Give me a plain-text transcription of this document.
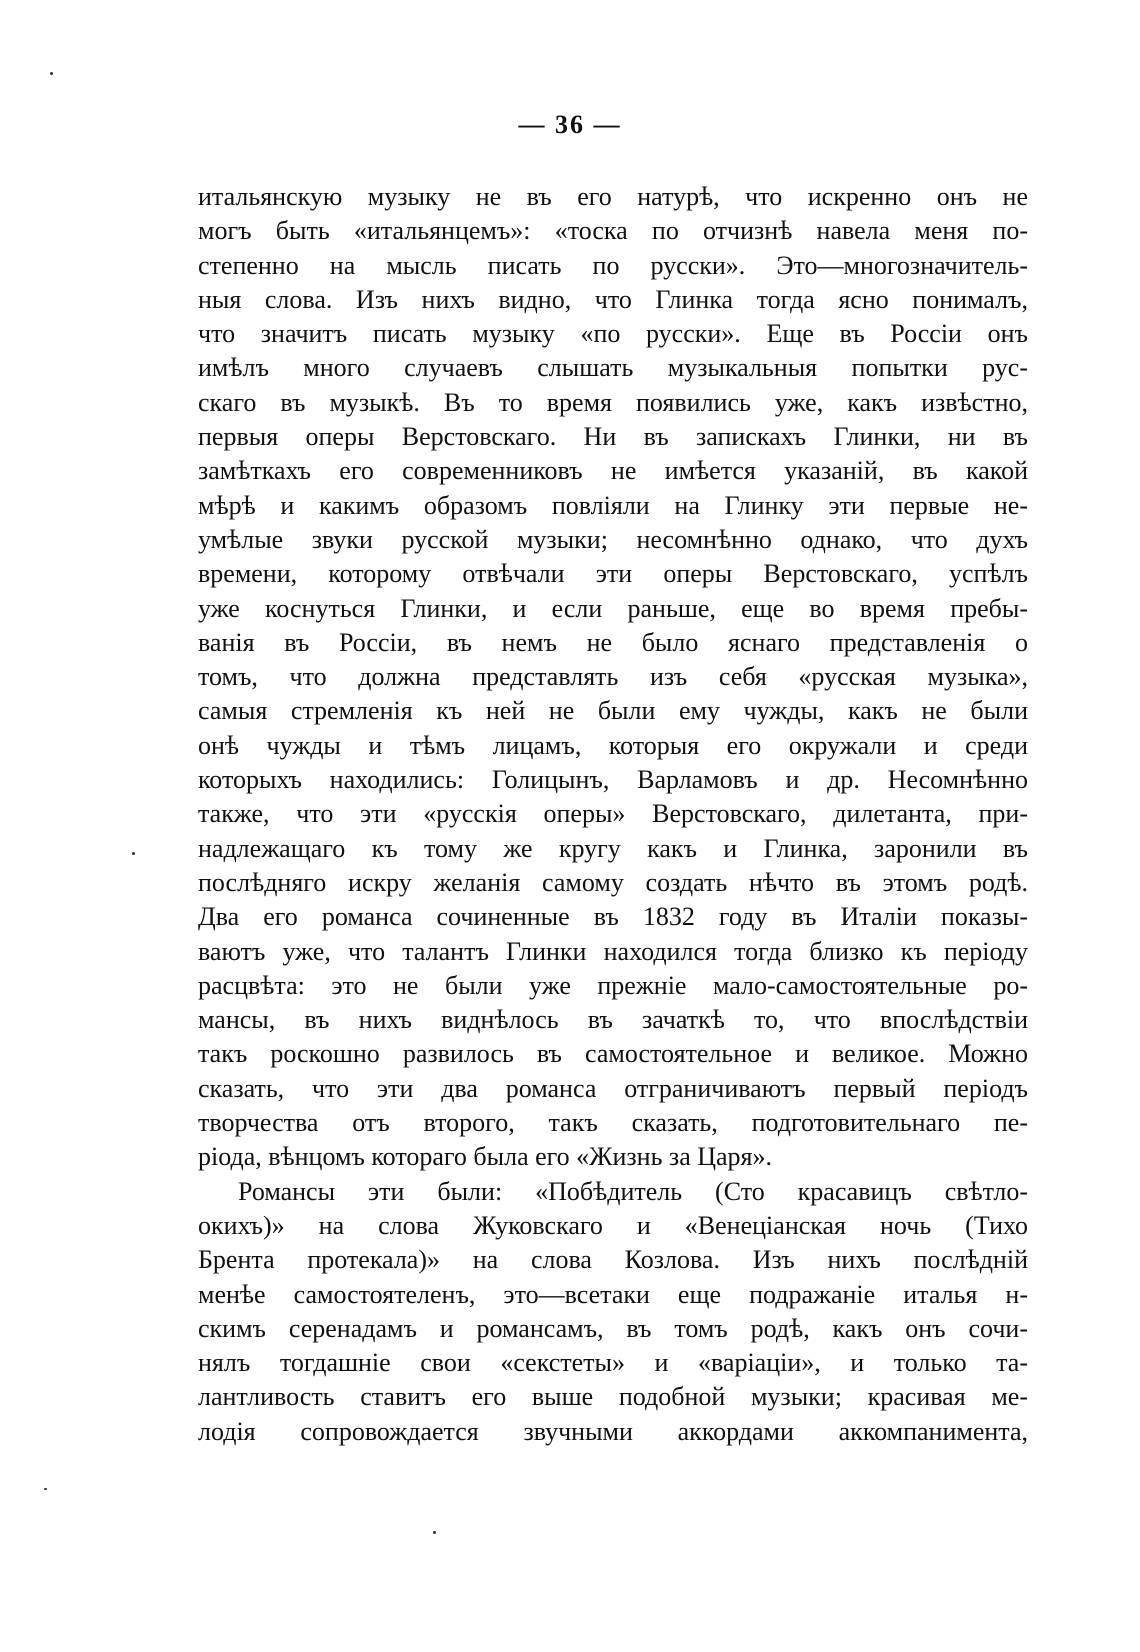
— 36 —
итальянскую музыку не въ его натурѣ, что искренно онъ не
могъ быть «итальянцемъ»: «тоска по отчизнѣ навела меня по-
степенно на мысль писать по русски». Это—многозначитель-
ныя слова. Изъ нихъ видно, что Глинка тогда ясно понималъ,
что значитъ писать музыку «по русски». Еще въ Россіи онъ
имѣлъ много случаевъ слышать музыкальныя попытки рус-
скаго въ музыкѣ. Въ то время появились уже, какъ извѣстно,
первыя оперы Верстовскаго. Ни въ запискахъ Глинки, ни въ
замѣткахъ его современниковъ не имѣется указаній, въ какой
мѣрѣ и какимъ образомъ повліяли на Глинку эти первые не-
умѣлые звуки русской музыки; несомнѣнно однако, что духъ
времени, которому отвѣчали эти оперы Верстовскаго, успѣлъ
уже коснуться Глинки, и если раньше, еще во время пребы-
ванія въ Россіи, въ немъ не было яснаго представленія о
томъ, что должна представлять изъ себя «русская музыка»,
самыя стремленія къ ней не были ему чужды, какъ не были
онѣ чужды и тѣмъ лицамъ, которыя его окружали и среди
которыхъ находились: Голицынъ, Варламовъ и др. Несомнѣнно
также, что эти «русскія оперы» Верстовскаго, дилетанта, при-
надлежащаго къ тому же кругу какъ и Глинка, заронили въ
послѣдняго искру желанія самому создать нѣчто въ этомъ родѣ.
Два его романса сочиненные въ 1832 году въ Италіи показы-
ваютъ уже, что талантъ Глинки находился тогда близко къ періоду
расцвѣта: это не были уже прежніе мало-самостоятельные ро-
мансы, въ нихъ виднѣлось въ зачаткѣ то, что впослѣдствіи
такъ роскошно развилось въ самостоятельное и великое. Можно
сказать, что эти два романса отграничиваютъ первый періодъ
творчества отъ второго, такъ сказать, подготовительнаго пе-
ріода, вѣнцомъ котораго была его «Жизнь за Царя».
Романсы эти были: «Побѣдитель (Сто красавицъ свѣтло-
окихъ)» на слова Жуковскаго и «Венеціанская ночь (Тихо
Брента протекала)» на слова Козлова. Изъ нихъ послѣдній
менѣе самостоятеленъ, это—всетаки еще подражаніе италья н-
скимъ серенадамъ и романсамъ, въ томъ родѣ, какъ онъ сочи-
нялъ тогдашніе свои «секстеты» и «варіаціи», и только та-
лантливость ставитъ его выше подобной музыки; красивая ме-
лодія сопровождается звучными аккордами аккомпанимента,
